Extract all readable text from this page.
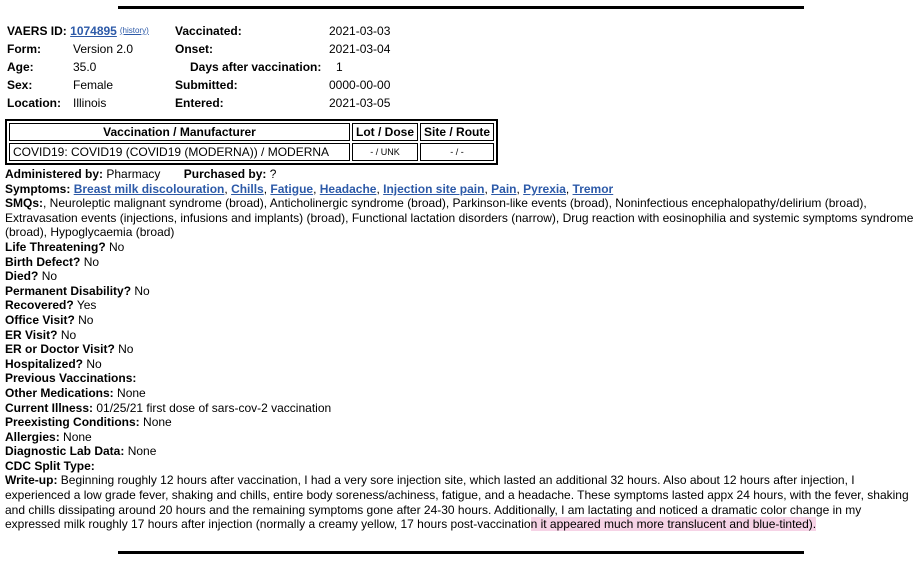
VAERS ID: 1074895 (history) Vaccinated:	2021-03-03
Form:	Version 2.0	Onset:	2021-03-04
Age:	35.0	Days after vaccination: 1
Sex:	Female	Submitted:	0000-00-00
Location: Illinois	Entered:	2021-03-05
Vaccination / Manufacturer	Lot / Dose	Site / Route
COVID19: COVID19 (COVID19 (MODERNA)) / MODERNA	- / UNK	- / -

Administered by: Pharmacy Purchased by: ?

Symptoms: Breast milk discolouration, Chills, Fatigue, Headache, Injection site pain, Pain, Pyrexia, Tremor

SMQs:, Neuroleptic malignant syndrome (broad), Anticholinergic syndrome (broad), Parkinson-like events (broad), Noninfectious encephalopathy/delirium (broad), Extravasation events (injections, infusions and implants) (broad), Functional lactation disorders (narrow), Drug reaction with eosinophilia and systemic symptoms syndrome (broad), Hypoglycaemia (broad)

Life Threatening? No

Birth Defect? No

Died? No

Permanent Disability? No

Recovered? Yes

Office Visit? No

ER Visit? No

ER or Doctor Visit? No

Hospitalized? No

Previous Vaccinations:

Other Medications: None

Current Illness: 01/25/21 first dose of sars-cov-2 vaccination

Preexisting Conditions: None

Allergies: None

Diagnostic Lab Data: None

CDC Split Type:

Write-up: Beginning roughly 12 hours after vaccination, I had a very sore injection site, which lasted an additional 32 hours. Also about 12 hours after injection, I experienced a low grade fever, shaking and chills, entire body soreness/achiness, fatigue, and a headache. These symptoms lasted appx 24 hours, with the fever, shaking and chills dissipating around 20 hours and the remaining symptoms gone after 24-30 hours. Additionally, I am lactating and noticed a dramatic color change in my expressed milk roughly 17 hours after injection (normally a creamy yellow, 17 hours post-vaccination it appeared much more translucent and blue-tinted).
